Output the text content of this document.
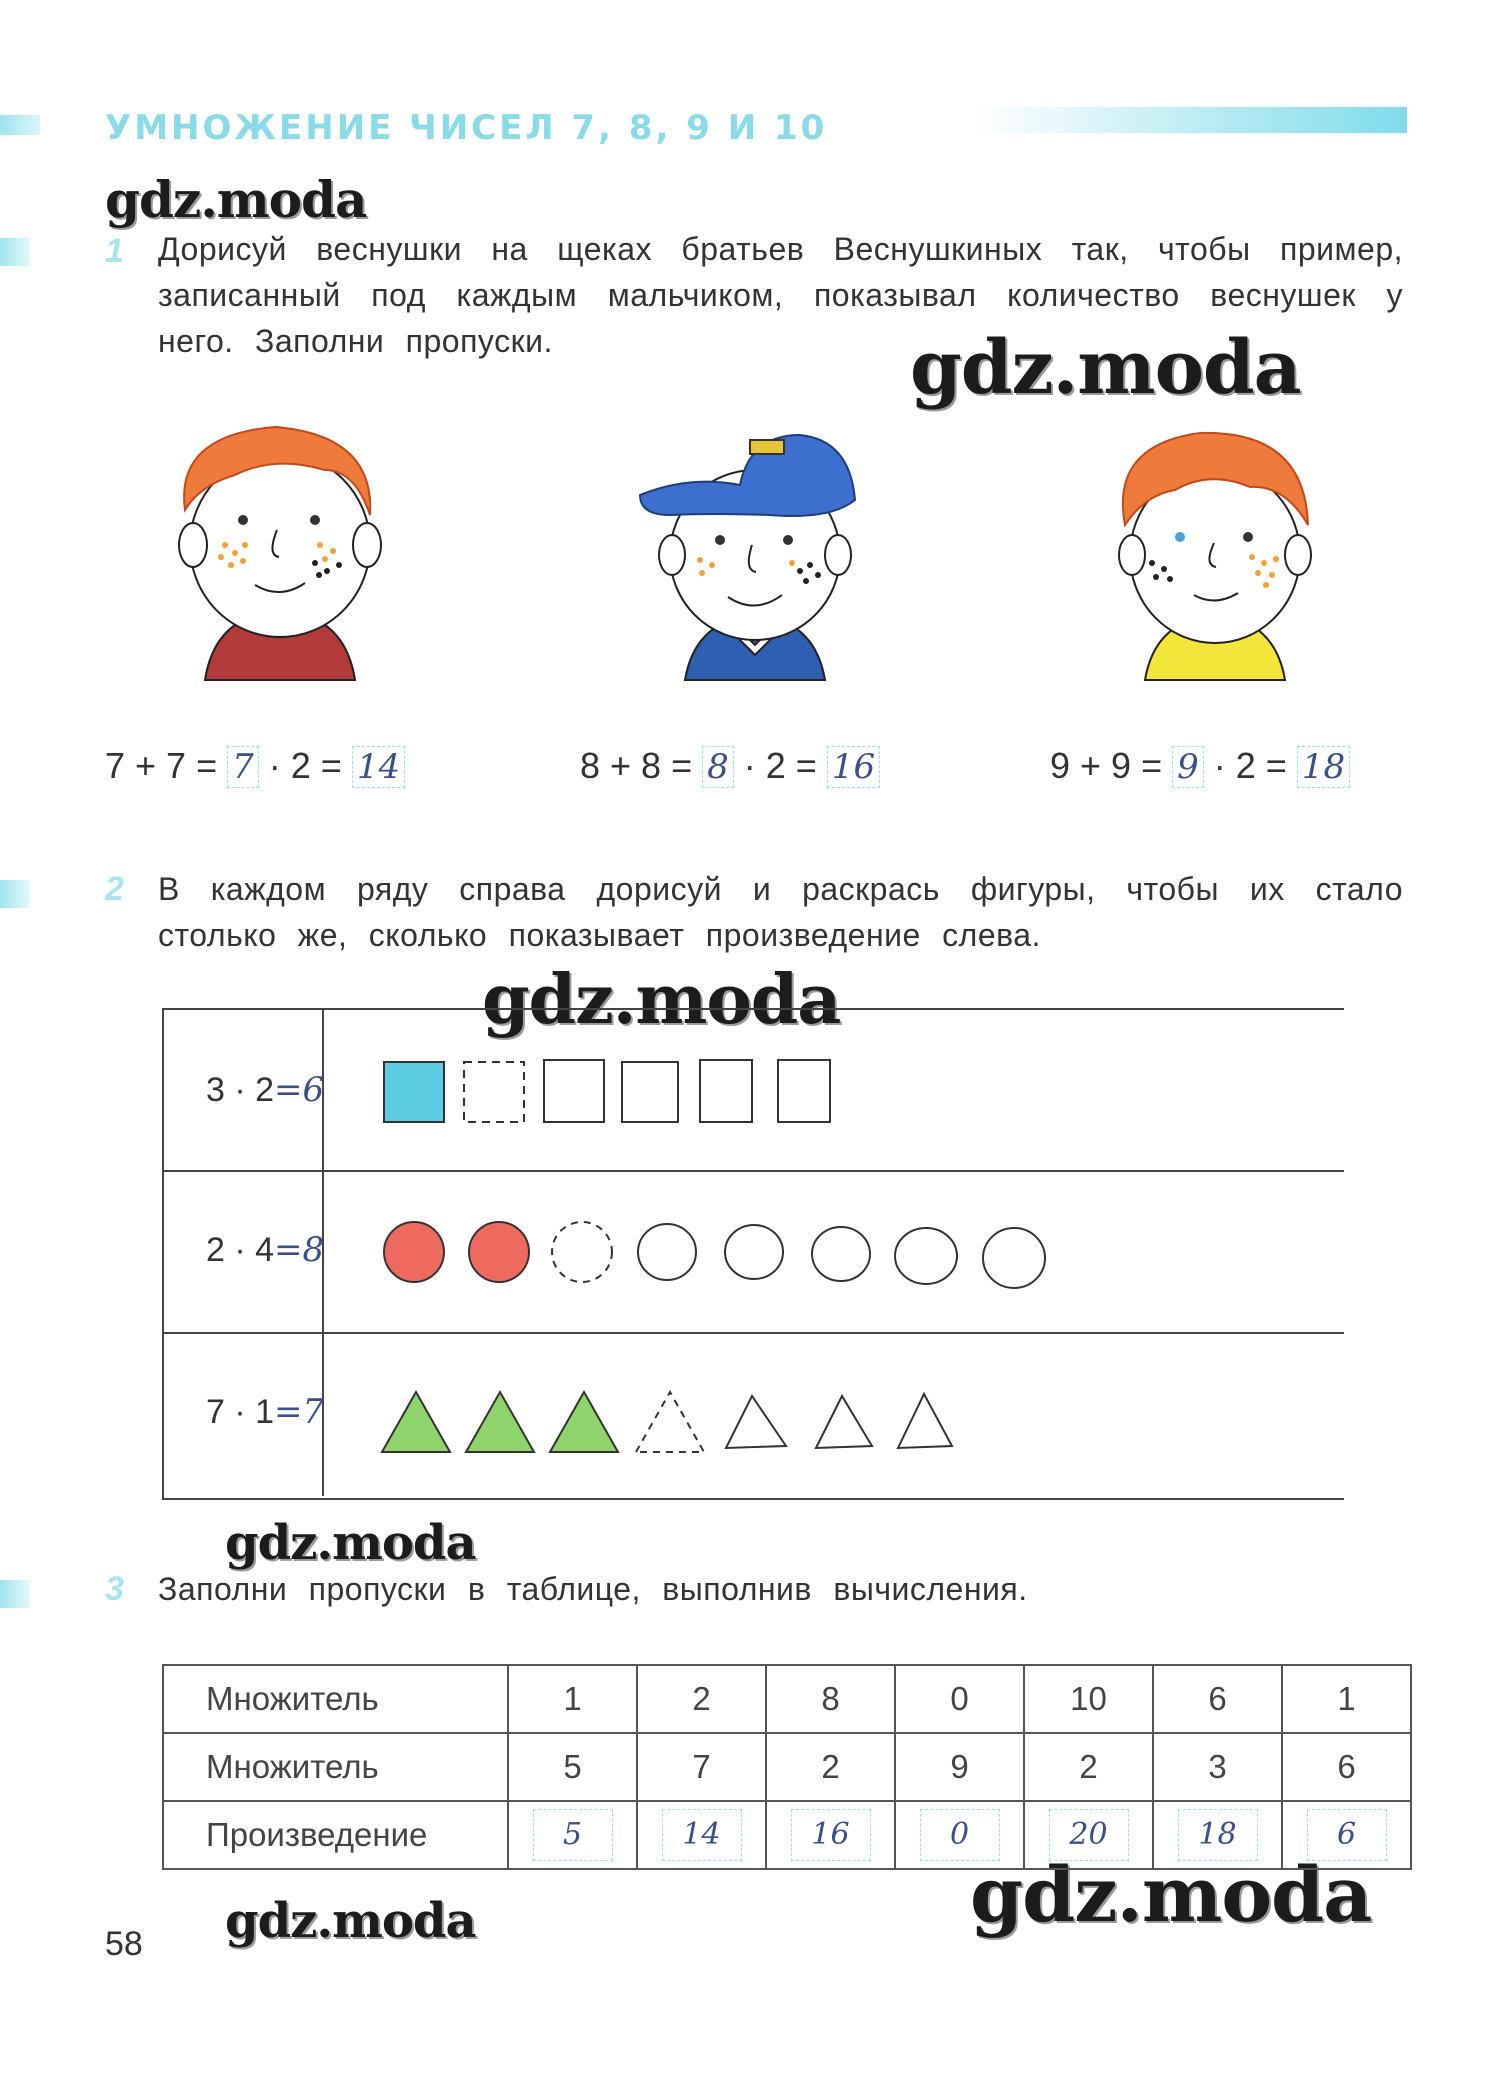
УМНОЖЕНИЕ ЧИСЕЛ 7, 8, 9 И 10
gdz.moda
gdz.moda
gdz.moda
gdz.moda
gdz.moda	gdz.moda
1 Дорисуй веснушки на щеках братьев Веснушкиных так, чтобы пример, записанный под каждым мальчиком, показывал количество веснушек у него. Заполни пропуски.
7 + 7 = 7 · 2 = 14	8 + 8 = 8 · 2 = 16	9 + 9 = 9 · 2 = 18
2 В каждом ряду справа дорисуй и раскрась фигуры, чтобы их стало столько же, сколько показывает произведение слева.
3 · 2=6
2 · 4=8
7 · 1=7
3 Заполни пропуски в таблице, выполнив вычисления.
Множитель	1	2	8	0	10	6	1
Множитель	5	7	2	9	2	3	6
Произведение	5	14	16	0	20	18	6
58
